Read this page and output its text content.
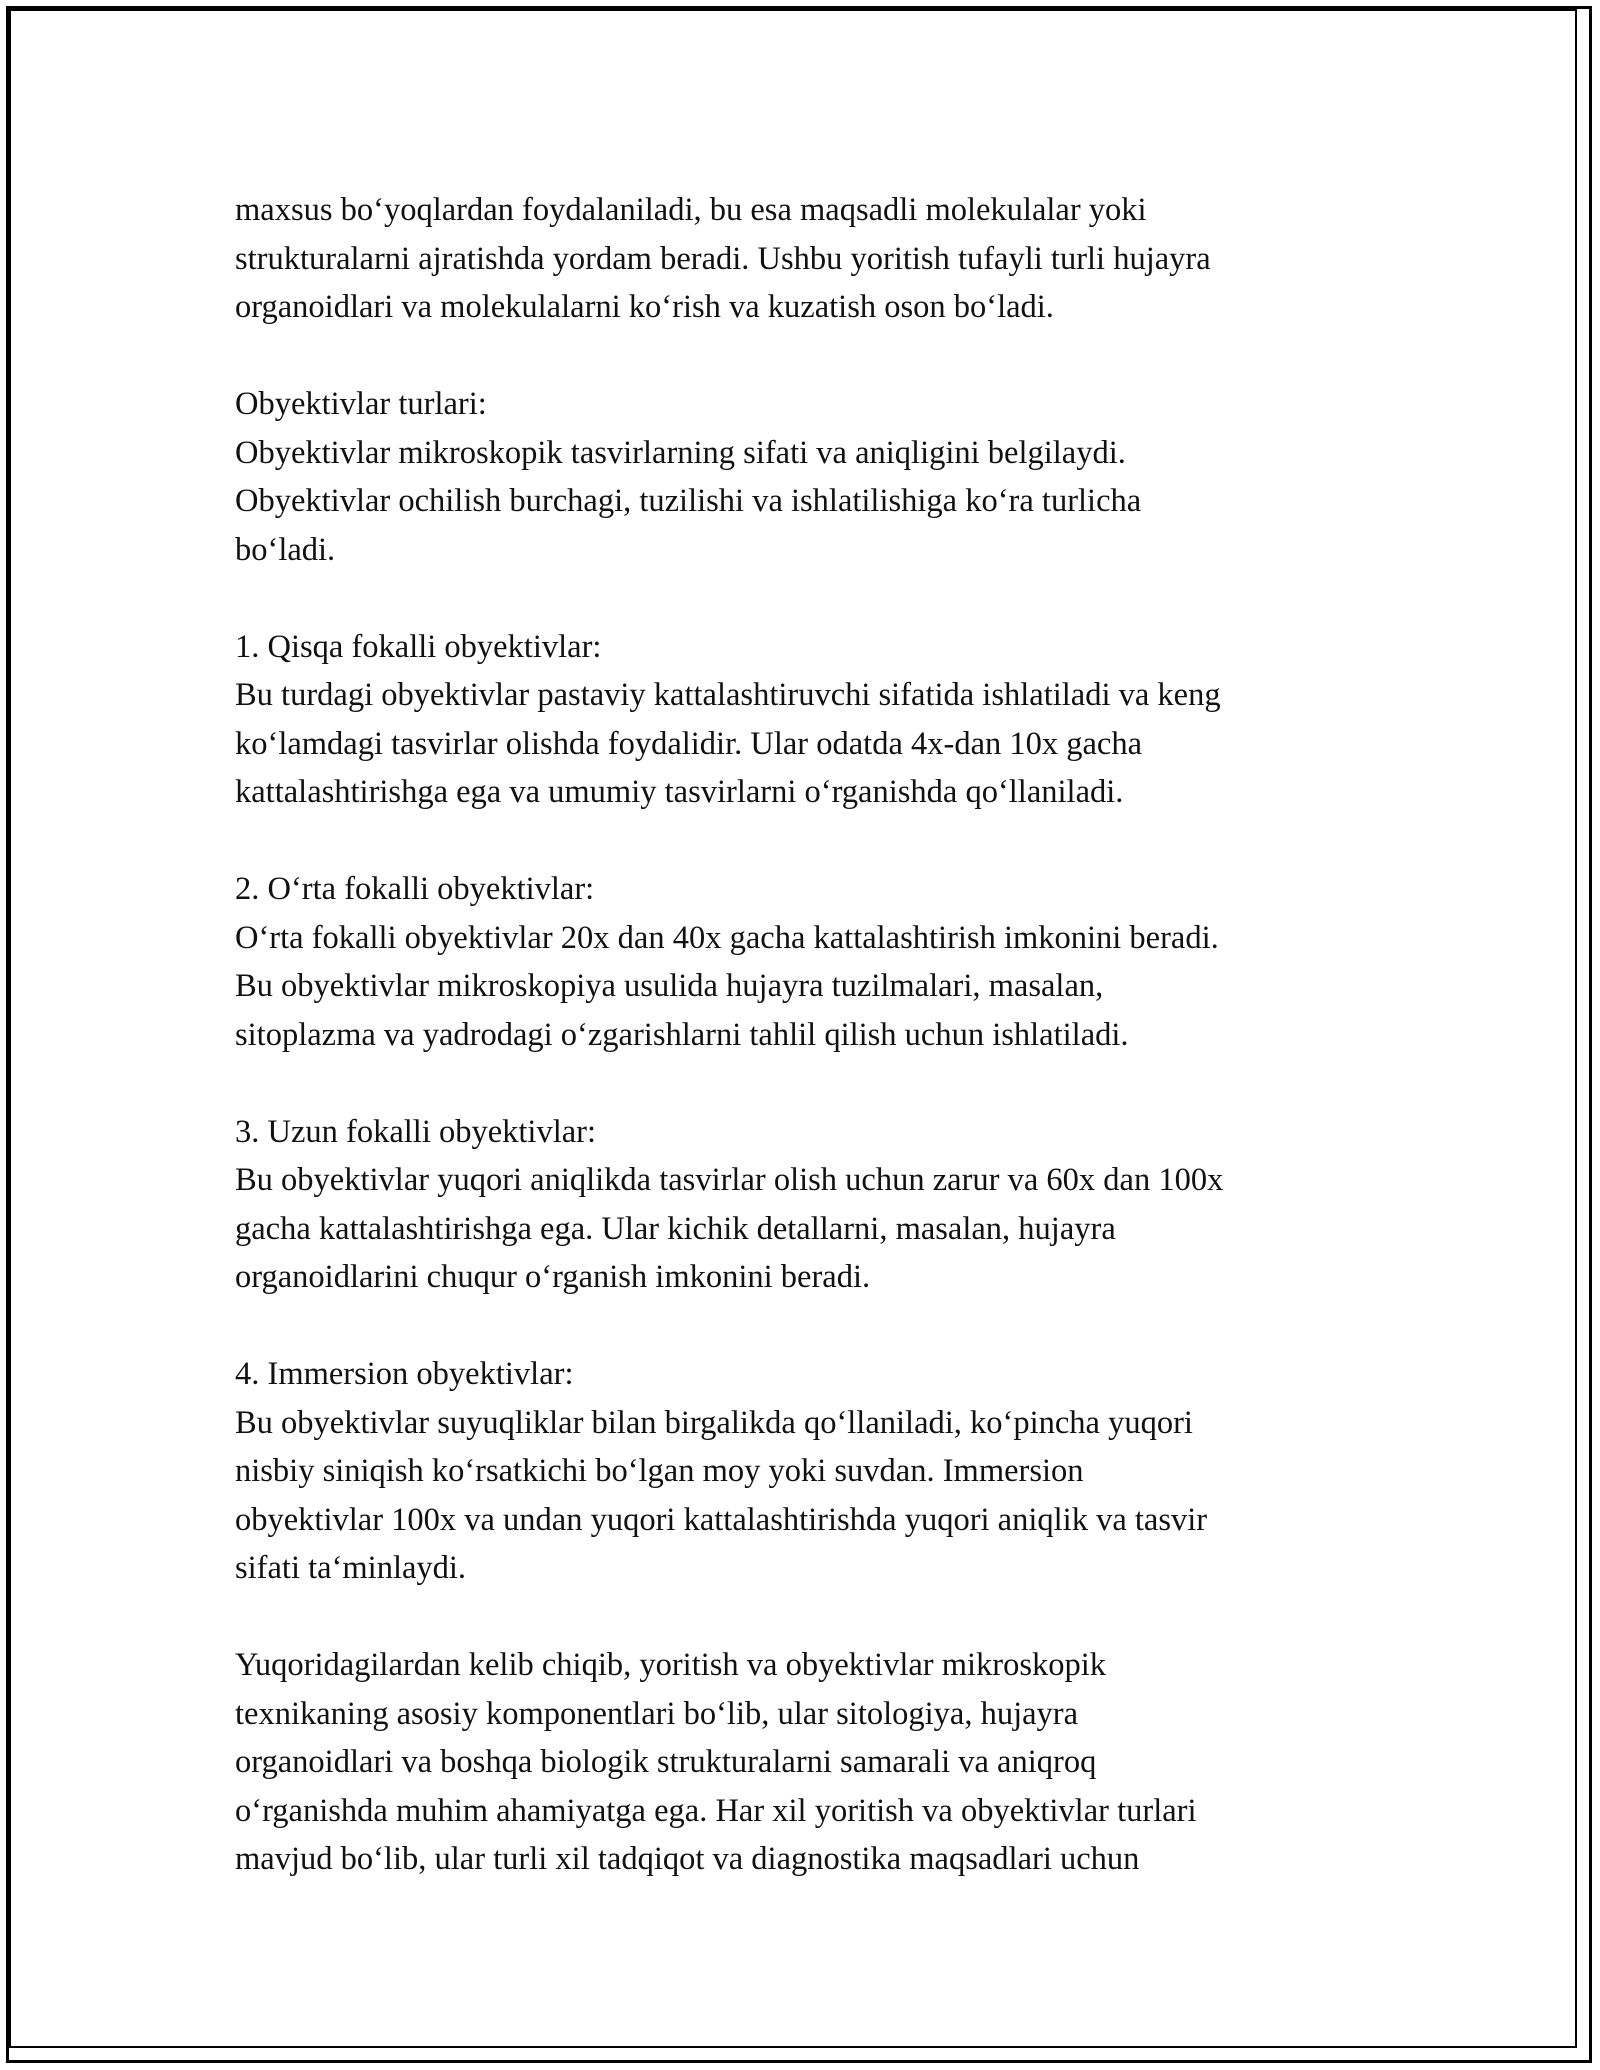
maxsus bo‘yoqlardan foydalaniladi, bu esa maqsadli molekulalar yoki
strukturalarni ajratishda yordam beradi. Ushbu yoritish tufayli turli hujayra
organoidlari va molekulalarni ko‘rish va kuzatish oson bo‘ladi.

Obyektivlar turlari:
Obyektivlar mikroskopik tasvirlarning sifati va aniqligini belgilaydi.
Obyektivlar ochilish burchagi, tuzilishi va ishlatilishiga ko‘ra turlicha
bo‘ladi.

1. Qisqa fokalli obyektivlar:
Bu turdagi obyektivlar pastaviy kattalashtiruvchi sifatida ishlatiladi va keng
ko‘lamdagi tasvirlar olishda foydalidir. Ular odatda 4x-dan 10x gacha
kattalashtirishga ega va umumiy tasvirlarni o‘rganishda qo‘llaniladi.

2. O‘rta fokalli obyektivlar:
O‘rta fokalli obyektivlar 20x dan 40x gacha kattalashtirish imkonini beradi.
Bu obyektivlar mikroskopiya usulida hujayra tuzilmalari, masalan,
sitoplazma va yadrodagi o‘zgarishlarni tahlil qilish uchun ishlatiladi.

3. Uzun fokalli obyektivlar:
Bu obyektivlar yuqori aniqlikda tasvirlar olish uchun zarur va 60x dan 100x
gacha kattalashtirishga ega. Ular kichik detallarni, masalan, hujayra
organoidlarini chuqur o‘rganish imkonini beradi.

4. Immersion obyektivlar:
Bu obyektivlar suyuqliklar bilan birgalikda qo‘llaniladi, ko‘pincha yuqori
nisbiy siniqish ko‘rsatkichi bo‘lgan moy yoki suvdan. Immersion
obyektivlar 100x va undan yuqori kattalashtirishda yuqori aniqlik va tasvir
sifati ta‘minlaydi.

Yuqoridagilardan kelib chiqib, yoritish va obyektivlar mikroskopik
texnikaning asosiy komponentlari bo‘lib, ular sitologiya, hujayra
organoidlari va boshqa biologik strukturalarni samarali va aniqroq
o‘rganishda muhim ahamiyatga ega. Har xil yoritish va obyektivlar turlari
mavjud bo‘lib, ular turli xil tadqiqot va diagnostika maqsadlari uchun
